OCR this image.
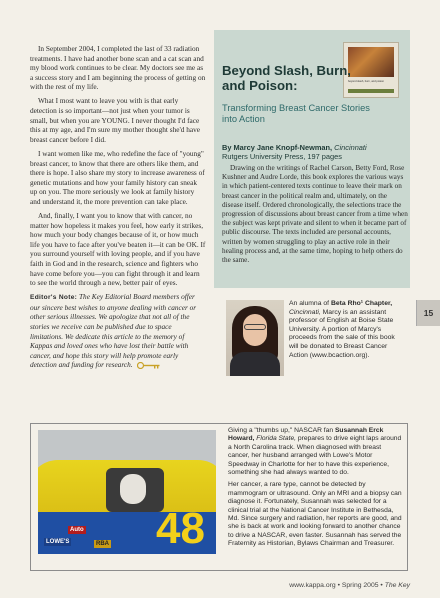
In September 2004, I completed the last of 33 radiation treatments. I have had another bone scan and a cat scan and my blood work continues to be clear. My doctors see me as a success story and I am beginning the process of getting on with the rest of my life.

What I most want to leave you with is that early detection is so important—not just when your tumor is small, but when you are YOUNG. I never thought I'd face this at my age, and I'm sure my mother thought she'd have breast cancer before I did.

I want women like me, who redefine the face of "young" breast cancer, to know that there are others like them, and there is hope. I also share my story to increase awareness of genetic mutations and how your family history can sneak up on you. The more seriously we look at family history and understand it, the more prevention can take place.

And, finally, I want you to know that with cancer, no matter how hopeless it makes you feel, how early it strikes, how much your body changes because of it, or how much life you have to face after you've beaten it—it can be OK. If you surround yourself with loving people, and if you have faith in God and in the research, science and fighters who have come before you—you can fight through it and learn to see the world through a new, better pair of eyes.

Editor's Note: The Key Editorial Board members offer our sincere best wishes to anyone dealing with cancer or other serious illnesses. We apologize that not all of the stories we receive can be published due to space limitations. We dedicate this article to the memory of Kappas and loved ones who have lost their battle with cancer, and hope this story will help promote early detection and funding for research.
beyond slash, burn, and poison
Beyond Slash, Burn, and Poison:
Transforming Breast Cancer Stories into Action
By Marcy Jane Knopf-Newman, Cincinnati
Rutgers University Press, 197 pages
Drawing on the writings of Rachel Carson, Betty Ford, Rose Kushner and Audre Lorde, this book explores the various ways in which patient-centered texts continue to leave their mark on breast cancer in the political realm and, ultimately, on the disease itself. Ordered chronologically, the selections trace the progression of discussions about breast cancer from a time when the subject was kept private and silent to when it became part of public discourse. The texts included are personal accounts, written by women struggling to play an active role in their healing process and, at the same time, hoping to help others do the same.
An alumna of Beta Rho¹ Chapter, Cincinnati, Marcy is an assistant professor of English at Boise State University. A portion of Marcy's proceeds from the sale of this book will be donated to Breast Cancer Action (www.bcaction.org).
15
48
Auto
LOWE'S	RBA

Giving a "thumbs up," NASCAR fan Susannah Erck Howard, Florida State, prepares to drive eight laps around a North Carolina track. When diagnosed with breast cancer, her husband arranged with Lowe's Motor Speedway in Charlotte for her to have this experience, something she had always wanted to do.

Her cancer, a rare type, cannot be detected by mammogram or ultrasound. Only an MRI and a biopsy can diagnose it. Fortunately, Susannah was selected for a clinical trial at the National Cancer Institute in Bethesda, Md. Since surgery and radiation, her reports are good, and she is back at work and looking forward to another chance to drive a NASCAR, even faster. Susannah has served the Fraternity as Historian, Bylaws Chairman and Treasurer.

www.kappa.org • Spring 2005 • The Key
